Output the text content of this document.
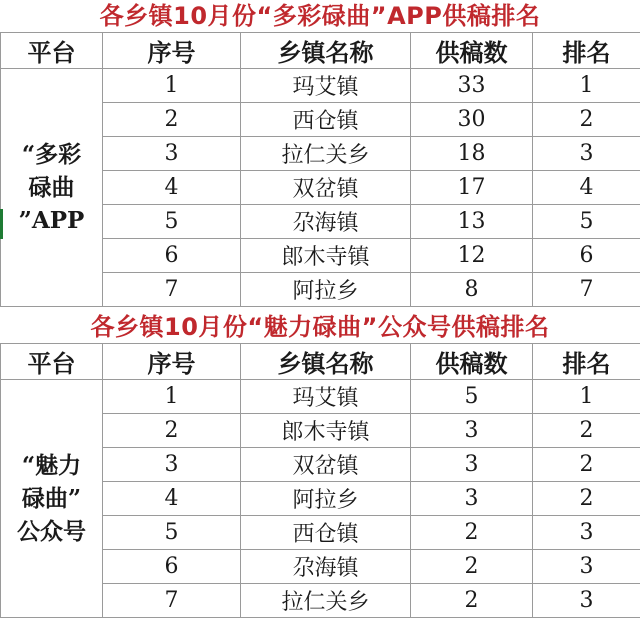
各乡镇10月份“多彩碌曲”APP供稿排名
平台	序号	乡镇名称	供稿数	排名

“多彩
碌曲
”APP	1	玛艾镇	33	1
	2	西仓镇	30	2
	3	拉仁关乡	18	3
	4	双岔镇	17	4
	5	尕海镇	13	5
	6	郎木寺镇	12	6
	7	阿拉乡	8	7
各乡镇10月份“魅力碌曲”公众号供稿排名
平台	序号	乡镇名称	供稿数	排名

“魅力
碌曲”
公众号	1	玛艾镇	5	1
	2	郎木寺镇	3	2
	3	双岔镇	3	2
	4	阿拉乡	3	2
	5	西仓镇	2	3
	6	尕海镇	2	3
	7	拉仁关乡	2	3
